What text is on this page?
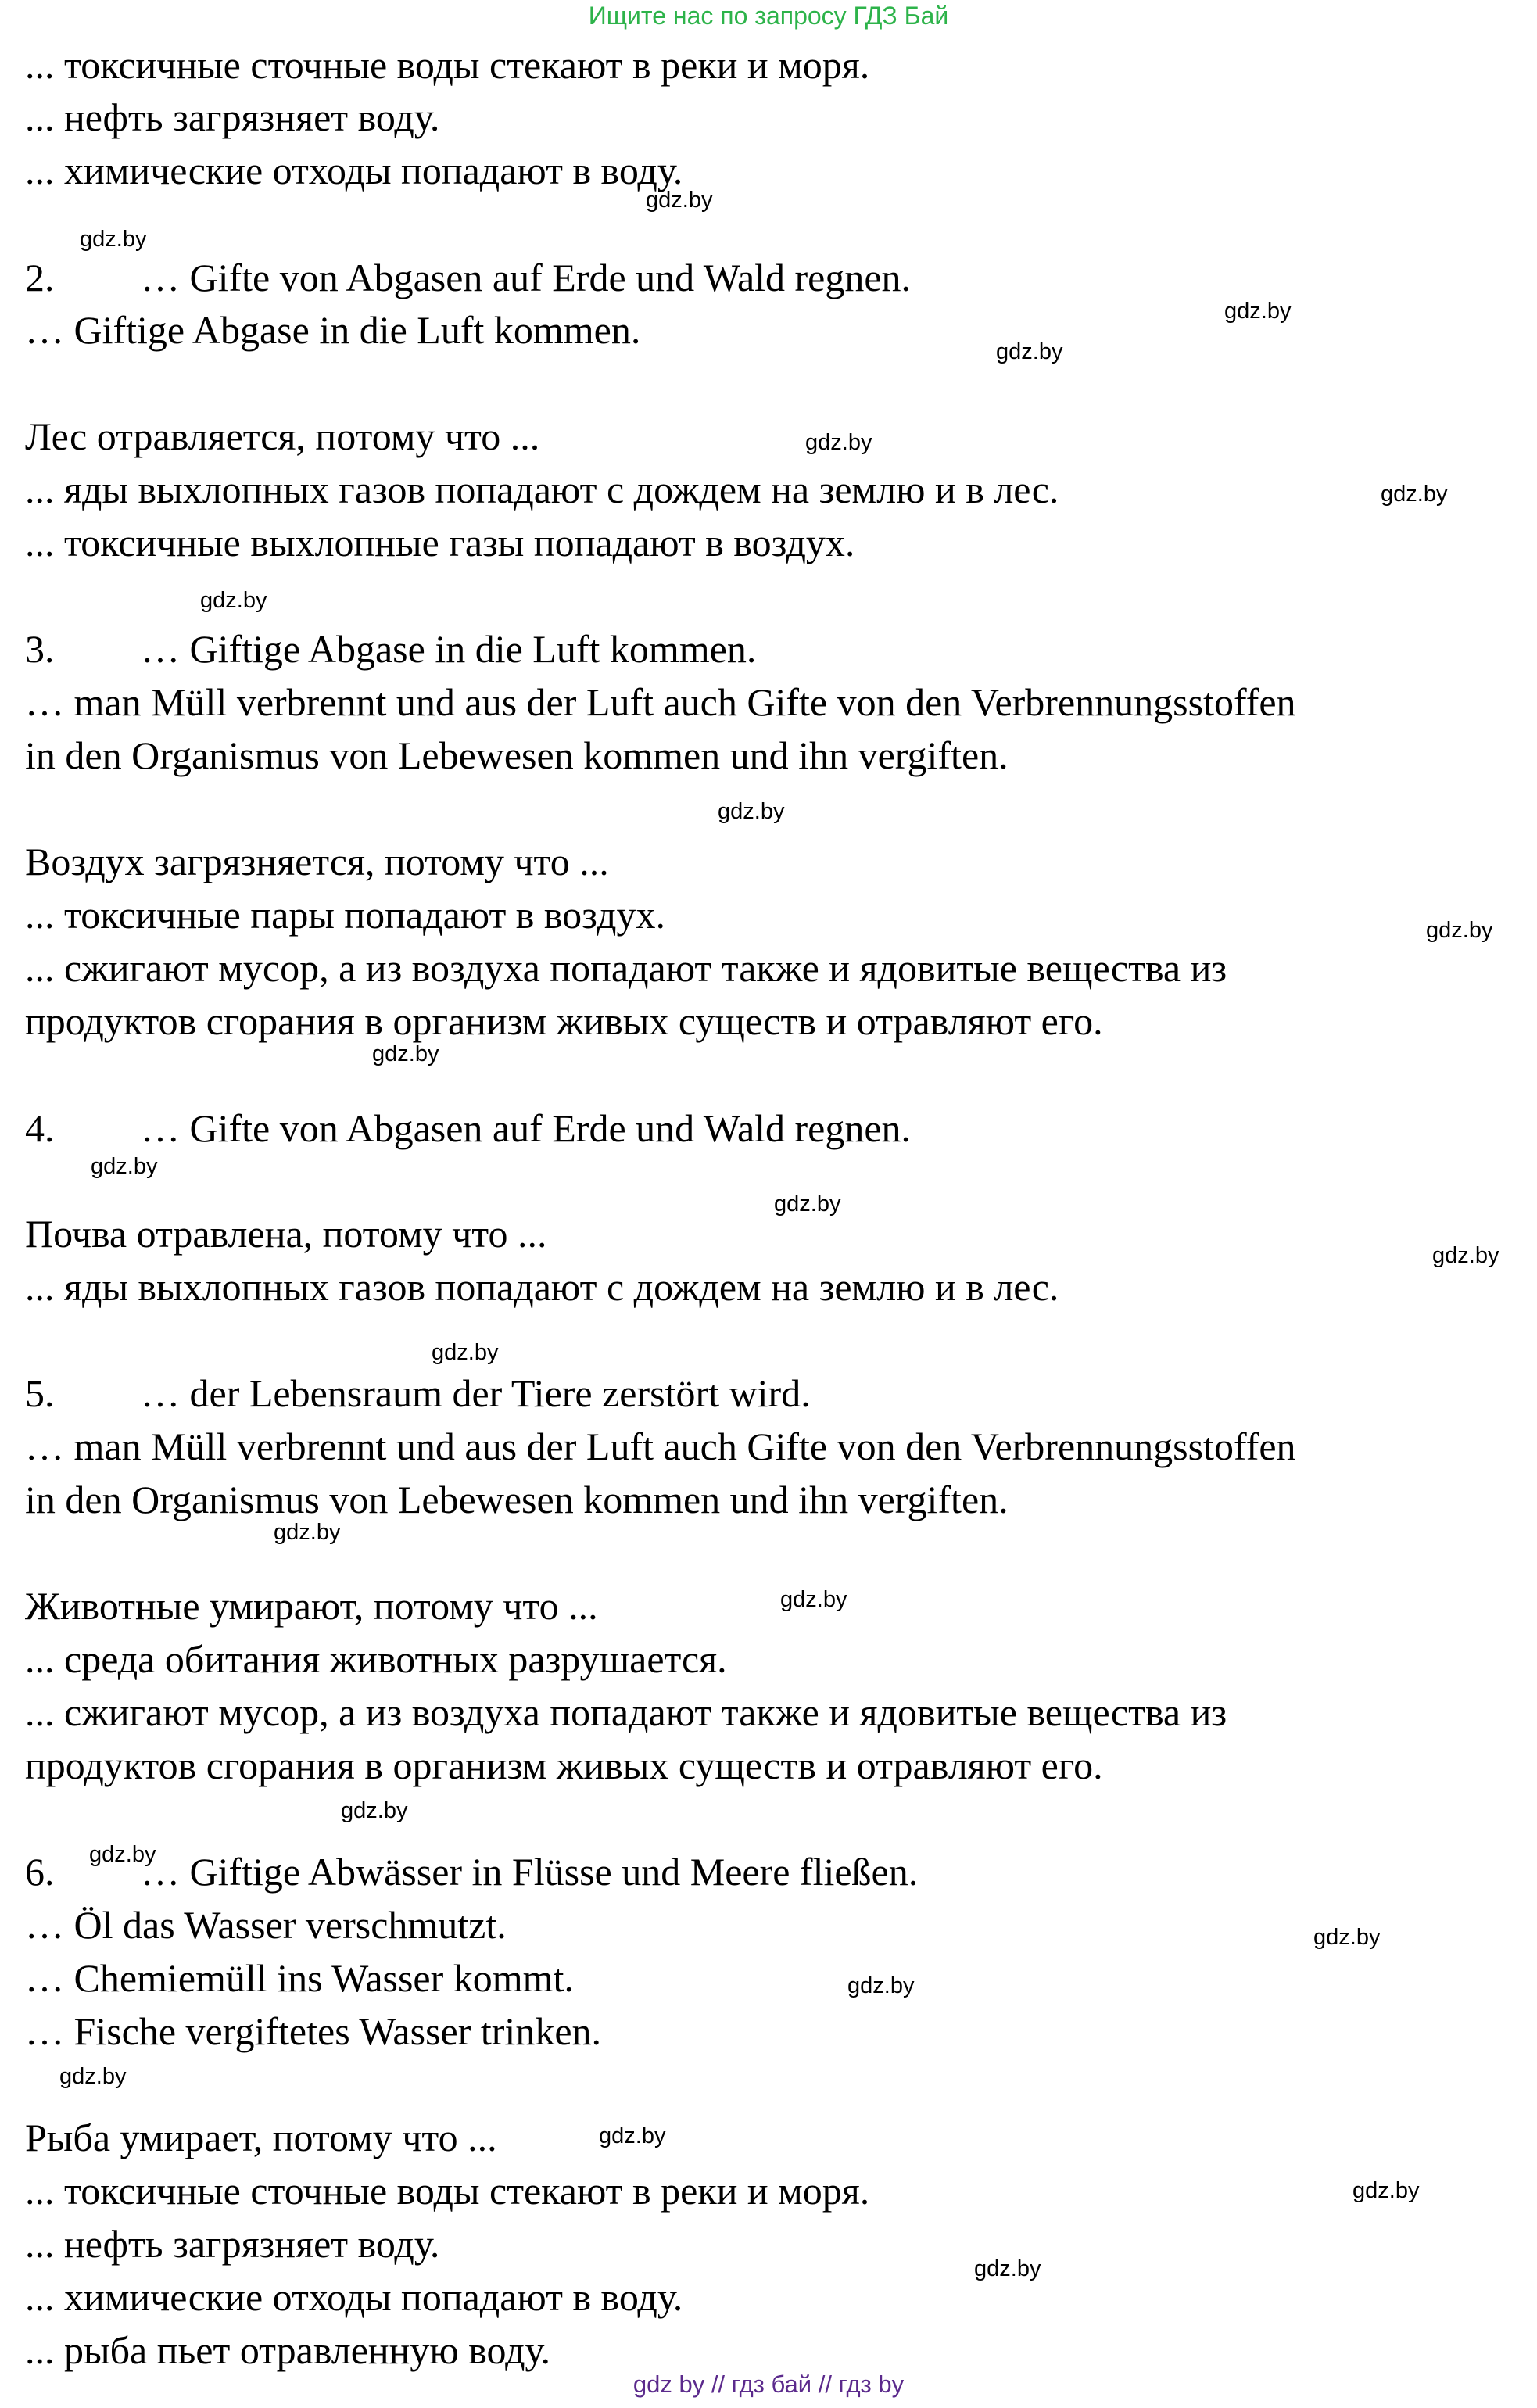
Ищите нас по запросу ГДЗ Бай
... токсичные сточные воды стекают в реки и моря.
... нефть загрязняет воду.
... химические отходы попадают в воду.
2. … Gifte von Abgasen auf Erde und Wald regnen.
… Giftige Abgase in die Luft kommen.
Лес отравляется, потому что ...
... яды выхлопных газов попадают с дождем на землю и в лес.
... токсичные выхлопные газы попадают в воздух.
3. … Giftige Abgase in die Luft kommen.
… man Müll verbrennt und aus der Luft auch Gifte von den Verbrennungsstoffen
in den Organismus von Lebewesen kommen und ihn vergiften.
Воздух загрязняется, потому что ...
... токсичные пары попадают в воздух.
... сжигают мусор, а из воздуха попадают также и ядовитые вещества из
продуктов сгорания в организм живых существ и отравляют его.
4. … Gifte von Abgasen auf Erde und Wald regnen.
Почва отравлена, потому что ...
... яды выхлопных газов попадают с дождем на землю и в лес.
5. … der Lebensraum der Tiere zerstört wird.
… man Müll verbrennt und aus der Luft auch Gifte von den Verbrennungsstoffen
in den Organismus von Lebewesen kommen und ihn vergiften.
Животные умирают, потому что ...
... среда обитания животных разрушается.
... сжигают мусор, а из воздуха попадают также и ядовитые вещества из
продуктов сгорания в организм живых существ и отравляют его.
6. … Giftige Abwässer in Flüsse und Meere fließen.
… Öl das Wasser verschmutzt.
… Chemiemüll ins Wasser kommt.
… Fische vergiftetes Wasser trinken.
Рыба умирает, потому что ...
... токсичные сточные воды стекают в реки и моря.
... нефть загрязняет воду.
... химические отходы попадают в воду.
... рыба пьет отравленную воду.
gdz.by
gdz.by
gdz.by
gdz.by
gdz.by
gdz.by
gdz.by
gdz.by
gdz.by
gdz.by
gdz.by
gdz.by
gdz.by
gdz.by
gdz.by
gdz.by
gdz.by
gdz.by
gdz.by
gdz.by
gdz.by
gdz.by
gdz.by
gdz.by
gdz by // гдз бай // гдз by
